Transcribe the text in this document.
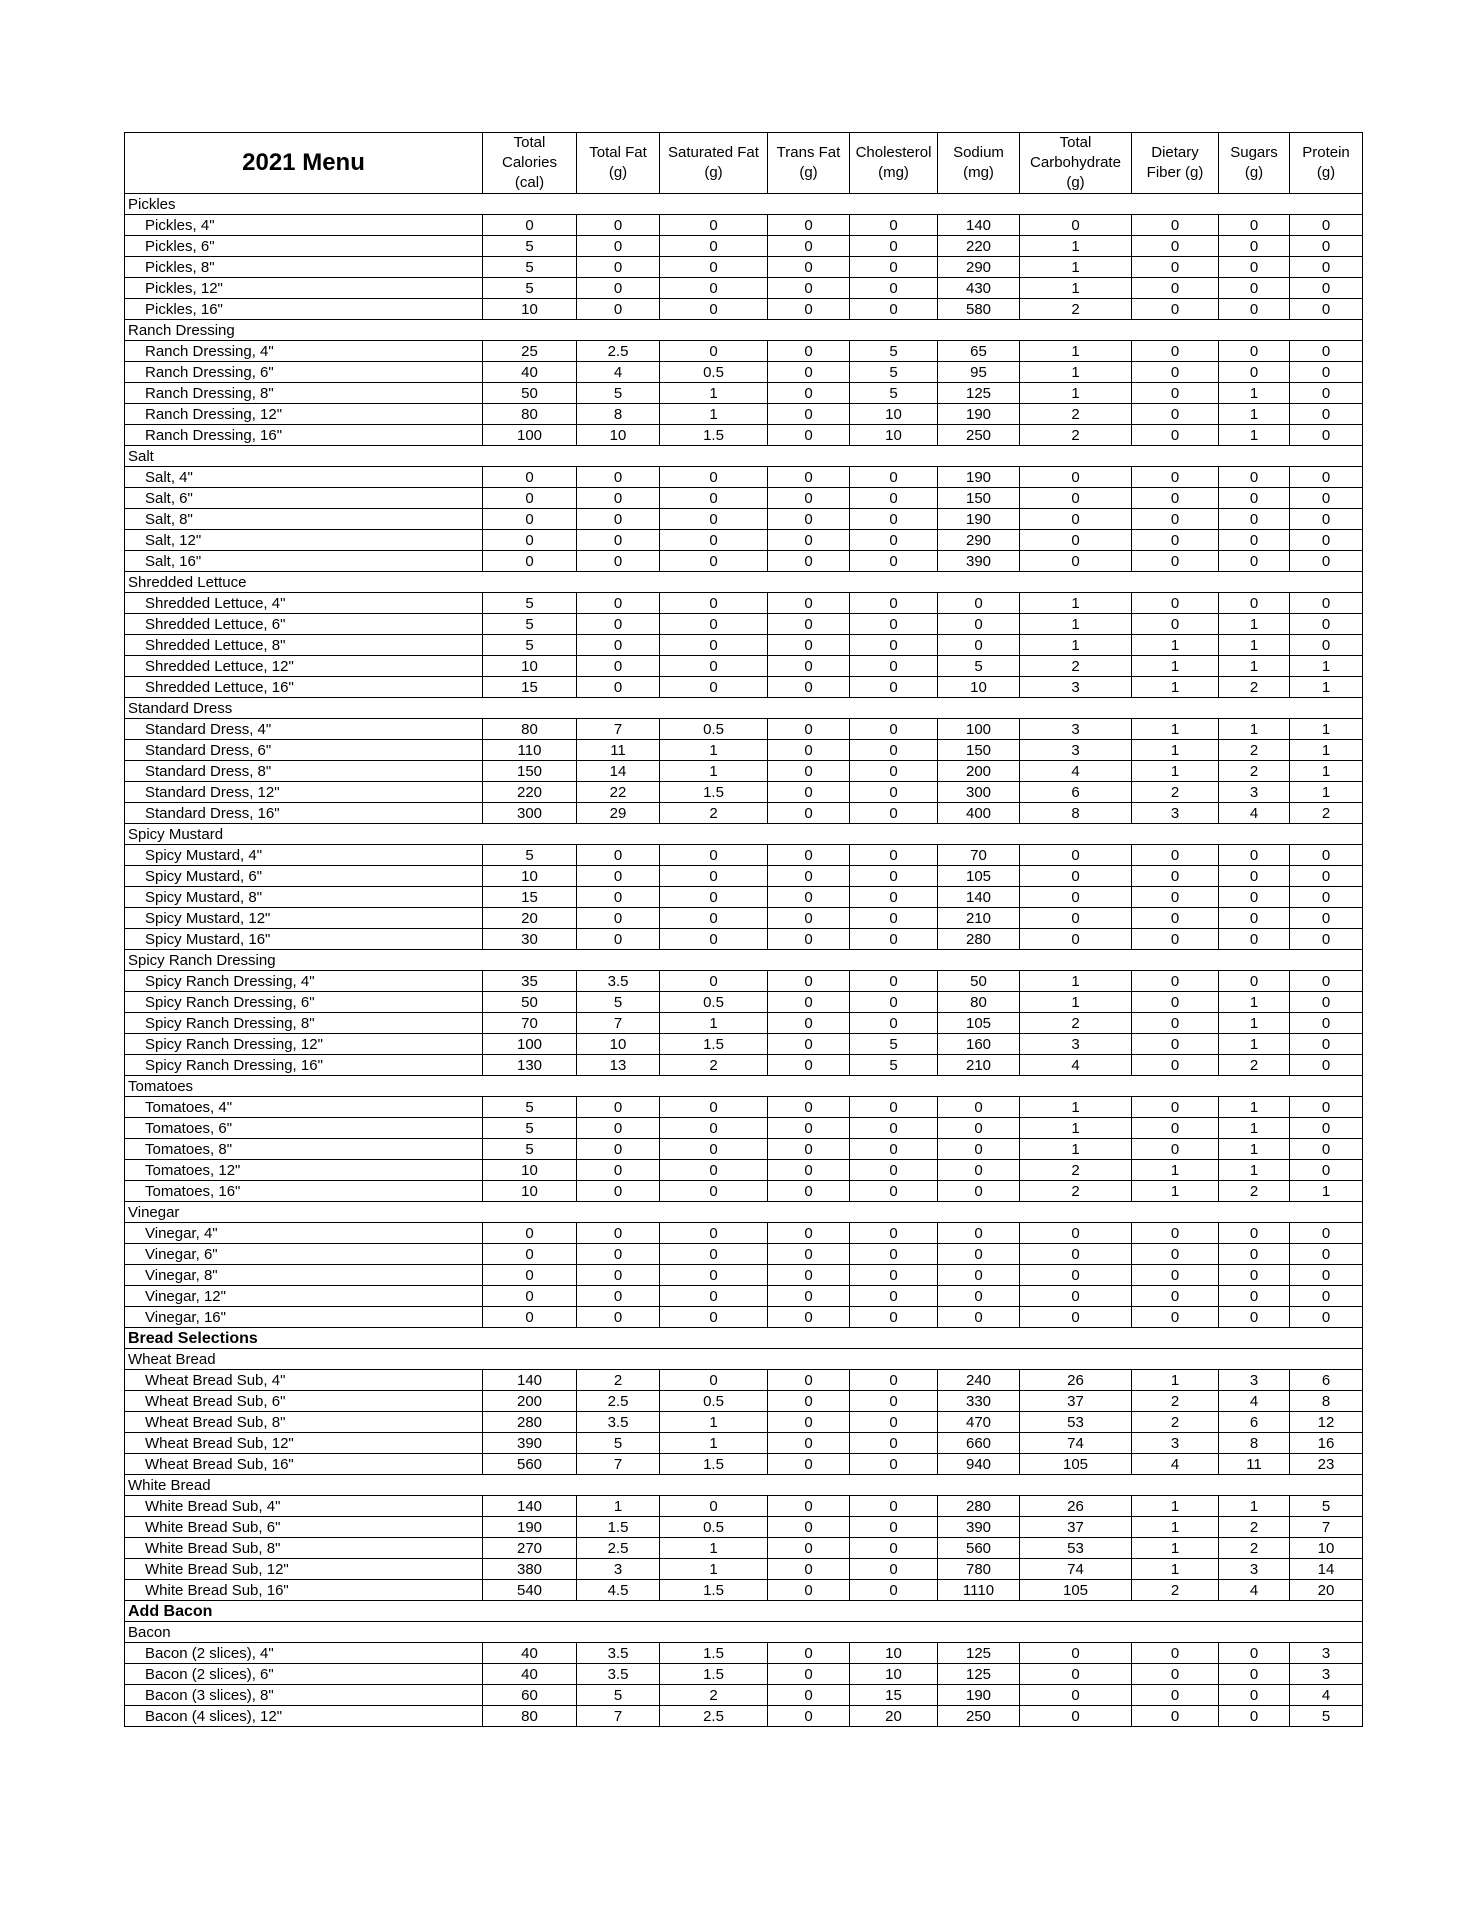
2021 Menu	Total
Calories
(cal)	Total Fat
(g)	Saturated Fat
(g)	Trans Fat
(g)	Cholesterol
(mg)	Sodium
(mg)	Total
Carbohydrate
(g)	Dietary
Fiber (g)	Sugars
(g)	Protein
(g)
Pickles										
Pickles, 4"	0	0	0	0	0	140	0	0	0	0
Pickles, 6"	5	0	0	0	0	220	1	0	0	0
Pickles, 8"	5	0	0	0	0	290	1	0	0	0
Pickles, 12"	5	0	0	0	0	430	1	0	0	0
Pickles, 16"	10	0	0	0	0	580	2	0	0	0
Ranch Dressing										
Ranch Dressing, 4"	25	2.5	0	0	5	65	1	0	0	0
Ranch Dressing, 6"	40	4	0.5	0	5	95	1	0	0	0
Ranch Dressing, 8"	50	5	1	0	5	125	1	0	1	0
Ranch Dressing, 12"	80	8	1	0	10	190	2	0	1	0
Ranch Dressing, 16"	100	10	1.5	0	10	250	2	0	1	0
Salt										
Salt, 4"	0	0	0	0	0	190	0	0	0	0
Salt, 6"	0	0	0	0	0	150	0	0	0	0
Salt, 8"	0	0	0	0	0	190	0	0	0	0
Salt, 12"	0	0	0	0	0	290	0	0	0	0
Salt, 16"	0	0	0	0	0	390	0	0	0	0
Shredded Lettuce										
Shredded Lettuce, 4"	5	0	0	0	0	0	1	0	0	0
Shredded Lettuce, 6"	5	0	0	0	0	0	1	0	1	0
Shredded Lettuce, 8"	5	0	0	0	0	0	1	1	1	0
Shredded Lettuce, 12"	10	0	0	0	0	5	2	1	1	1
Shredded Lettuce, 16"	15	0	0	0	0	10	3	1	2	1
Standard Dress										
Standard Dress, 4"	80	7	0.5	0	0	100	3	1	1	1
Standard Dress, 6"	110	11	1	0	0	150	3	1	2	1
Standard Dress, 8"	150	14	1	0	0	200	4	1	2	1
Standard Dress, 12"	220	22	1.5	0	0	300	6	2	3	1
Standard Dress, 16"	300	29	2	0	0	400	8	3	4	2
Spicy Mustard										
Spicy Mustard, 4"	5	0	0	0	0	70	0	0	0	0
Spicy Mustard, 6"	10	0	0	0	0	105	0	0	0	0
Spicy Mustard, 8"	15	0	0	0	0	140	0	0	0	0
Spicy Mustard, 12"	20	0	0	0	0	210	0	0	0	0
Spicy Mustard, 16"	30	0	0	0	0	280	0	0	0	0
Spicy Ranch Dressing										
Spicy Ranch Dressing, 4"	35	3.5	0	0	0	50	1	0	0	0
Spicy Ranch Dressing, 6"	50	5	0.5	0	0	80	1	0	1	0
Spicy Ranch Dressing, 8"	70	7	1	0	0	105	2	0	1	0
Spicy Ranch Dressing, 12"	100	10	1.5	0	5	160	3	0	1	0
Spicy Ranch Dressing, 16"	130	13	2	0	5	210	4	0	2	0
Tomatoes										
Tomatoes, 4"	5	0	0	0	0	0	1	0	1	0
Tomatoes, 6"	5	0	0	0	0	0	1	0	1	0
Tomatoes, 8"	5	0	0	0	0	0	1	0	1	0
Tomatoes, 12"	10	0	0	0	0	0	2	1	1	0
Tomatoes, 16"	10	0	0	0	0	0	2	1	2	1
Vinegar										
Vinegar, 4"	0	0	0	0	0	0	0	0	0	0
Vinegar, 6"	0	0	0	0	0	0	0	0	0	0
Vinegar, 8"	0	0	0	0	0	0	0	0	0	0
Vinegar, 12"	0	0	0	0	0	0	0	0	0	0
Vinegar, 16"	0	0	0	0	0	0	0	0	0	0
Bread Selections										
Wheat Bread										
Wheat Bread Sub, 4"	140	2	0	0	0	240	26	1	3	6
Wheat Bread Sub, 6"	200	2.5	0.5	0	0	330	37	2	4	8
Wheat Bread Sub, 8"	280	3.5	1	0	0	470	53	2	6	12
Wheat Bread Sub, 12"	390	5	1	0	0	660	74	3	8	16
Wheat Bread Sub, 16"	560	7	1.5	0	0	940	105	4	11	23
White Bread										
White Bread Sub, 4"	140	1	0	0	0	280	26	1	1	5
White Bread Sub, 6"	190	1.5	0.5	0	0	390	37	1	2	7
White Bread Sub, 8"	270	2.5	1	0	0	560	53	1	2	10
White Bread Sub, 12"	380	3	1	0	0	780	74	1	3	14
White Bread Sub, 16"	540	4.5	1.5	0	0	1110	105	2	4	20
Add Bacon										
Bacon										
Bacon (2 slices), 4"	40	3.5	1.5	0	10	125	0	0	0	3
Bacon (2 slices), 6"	40	3.5	1.5	0	10	125	0	0	0	3
Bacon (3 slices), 8"	60	5	2	0	15	190	0	0	0	4
Bacon (4 slices), 12"	80	7	2.5	0	20	250	0	0	0	5
